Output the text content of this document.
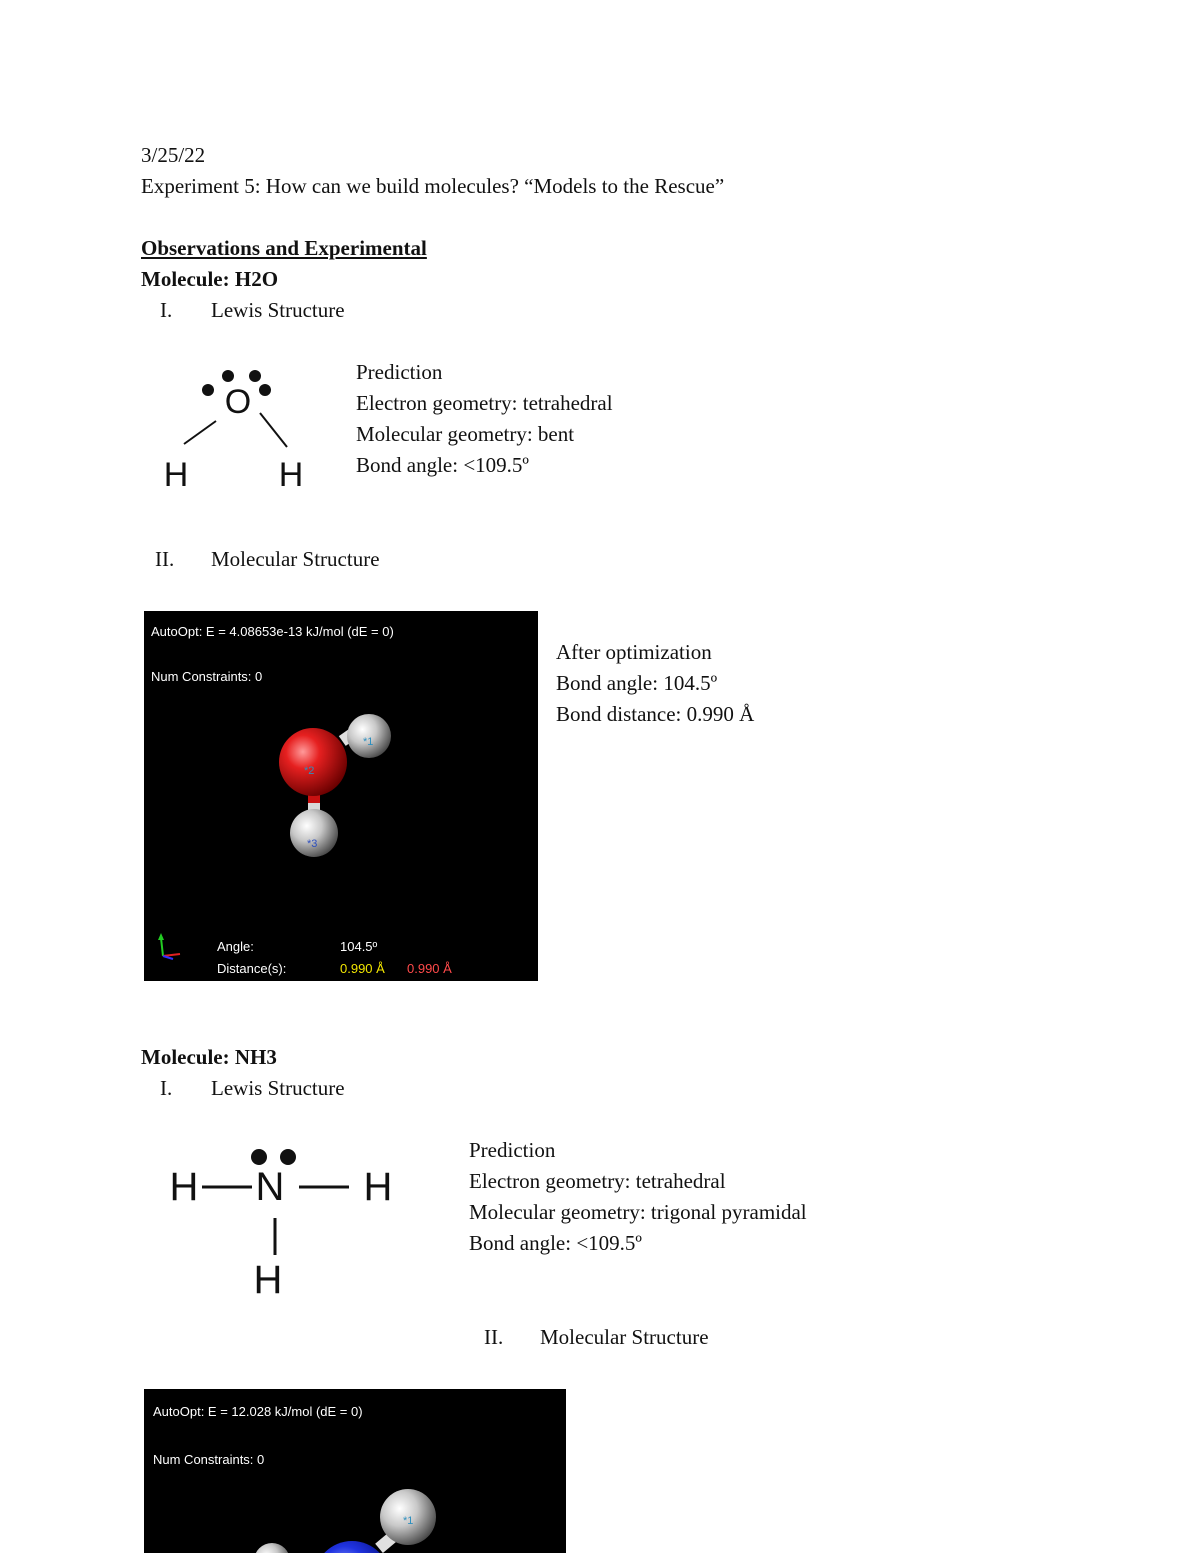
3/25/22
Experiment 5: How can we build molecules? “Models to the Rescue”
Observations and Experimental
Molecule: H2O
I. Lewis Structure
O
H	H
Prediction
Electron geometry: tetrahedral
Molecular geometry: bent
Bond angle: <109.5º
II. Molecular Structure
AutoOpt: E = 4.08653e-13 kJ/mol (dE = 0)
Num Constraints: 0
*1
*2
*3
Angle:	104.5º
Distance(s):	0.990 Å 0.990 Å
After optimization
Bond angle: 104.5º
Bond distance: 0.990 Å
Molecule: NH3
I. Lewis Structure
H N H
H
Prediction
Electron geometry: tetrahedral
Molecular geometry: trigonal pyramidal
Bond angle: <109.5º
II. Molecular Structure
AutoOpt: E = 12.028 kJ/mol (dE = 0)
Num Constraints: 0
*1
